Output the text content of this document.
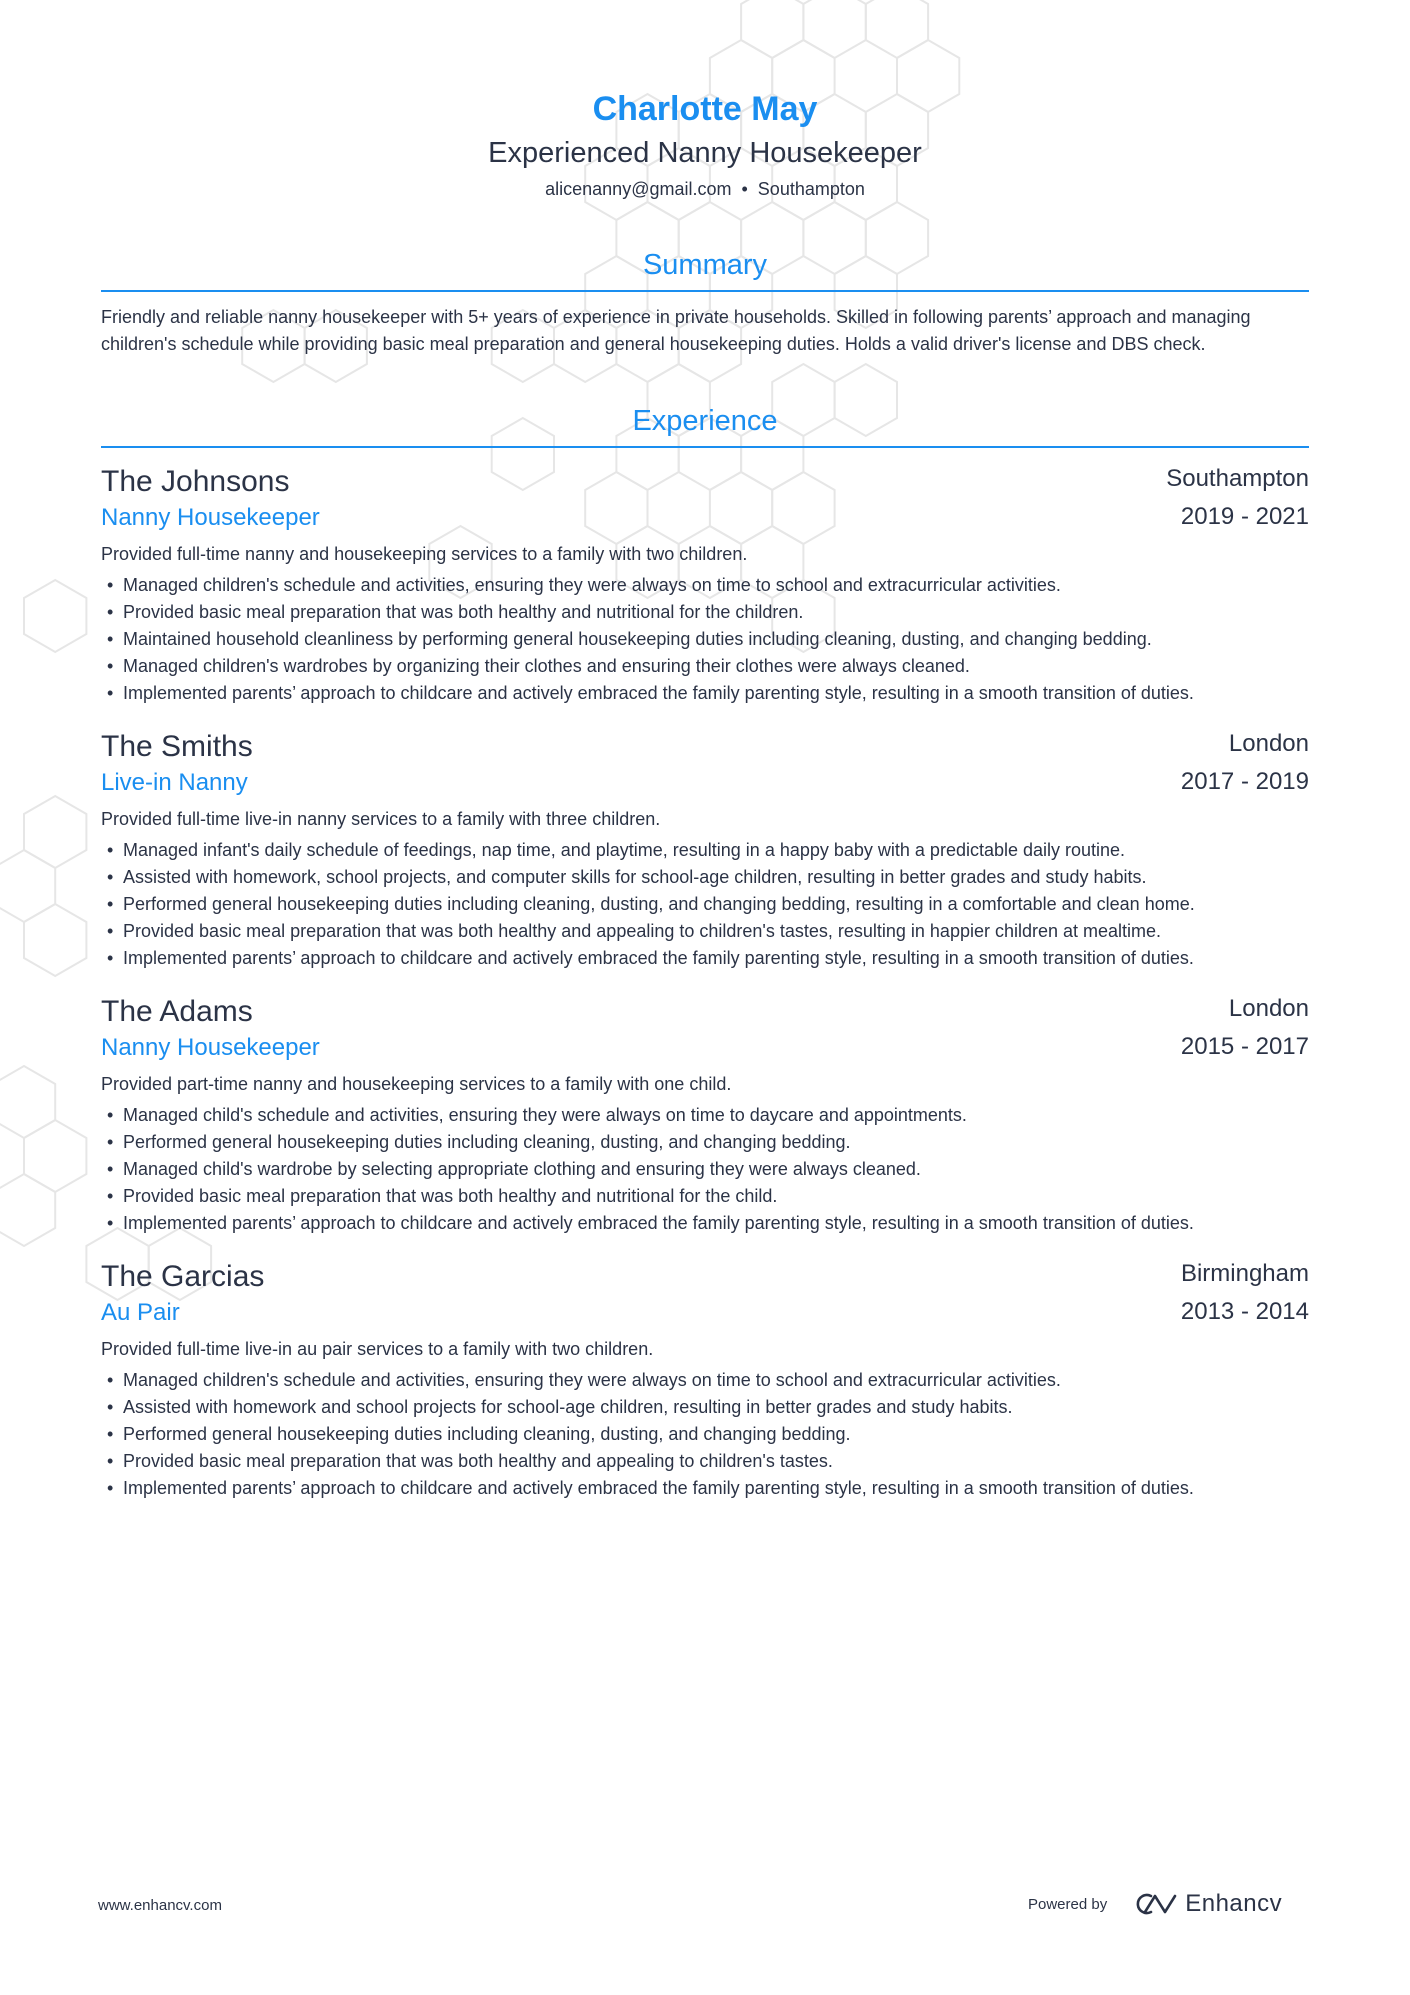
Charlotte May
Experienced Nanny Housekeeper
alicenanny@gmail.com • Southampton
Summary
Friendly and reliable nanny housekeeper with 5+ years of experience in private households. Skilled in following parents’ approach and managing children's schedule while providing basic meal preparation and general housekeeping duties. Holds a valid driver's license and DBS check.
Experience
The Johnsons
Nanny Housekeeper
Southampton
2019 - 2021
Provided full-time nanny and housekeeping services to a family with two children.
• Managed children's schedule and activities, ensuring they were always on time to school and extracurricular activities.
• Provided basic meal preparation that was both healthy and nutritional for the children.
• Maintained household cleanliness by performing general housekeeping duties including cleaning, dusting, and changing bedding.
• Managed children's wardrobes by organizing their clothes and ensuring their clothes were always cleaned.
• Implemented parents’ approach to childcare and actively embraced the family parenting style, resulting in a smooth transition of duties.
The Smiths
Live-in Nanny
London
2017 - 2019
Provided full-time live-in nanny services to a family with three children.
• Managed infant's daily schedule of feedings, nap time, and playtime, resulting in a happy baby with a predictable daily routine.
• Assisted with homework, school projects, and computer skills for school-age children, resulting in better grades and study habits.
• Performed general housekeeping duties including cleaning, dusting, and changing bedding, resulting in a comfortable and clean home.
• Provided basic meal preparation that was both healthy and appealing to children's tastes, resulting in happier children at mealtime.
• Implemented parents’ approach to childcare and actively embraced the family parenting style, resulting in a smooth transition of duties.
The Adams
Nanny Housekeeper
London
2015 - 2017
Provided part-time nanny and housekeeping services to a family with one child.
• Managed child's schedule and activities, ensuring they were always on time to daycare and appointments.
• Performed general housekeeping duties including cleaning, dusting, and changing bedding.
• Managed child's wardrobe by selecting appropriate clothing and ensuring they were always cleaned.
• Provided basic meal preparation that was both healthy and nutritional for the child.
• Implemented parents’ approach to childcare and actively embraced the family parenting style, resulting in a smooth transition of duties.
The Garcias
Au Pair
Birmingham
2013 - 2014
Provided full-time live-in au pair services to a family with two children.
• Managed children's schedule and activities, ensuring they were always on time to school and extracurricular activities.
• Assisted with homework and school projects for school-age children, resulting in better grades and study habits.
• Performed general housekeeping duties including cleaning, dusting, and changing bedding.
• Provided basic meal preparation that was both healthy and appealing to children's tastes.
• Implemented parents’ approach to childcare and actively embraced the family parenting style, resulting in a smooth transition of duties.
www.enhancv.com	Powered by	Enhancv
